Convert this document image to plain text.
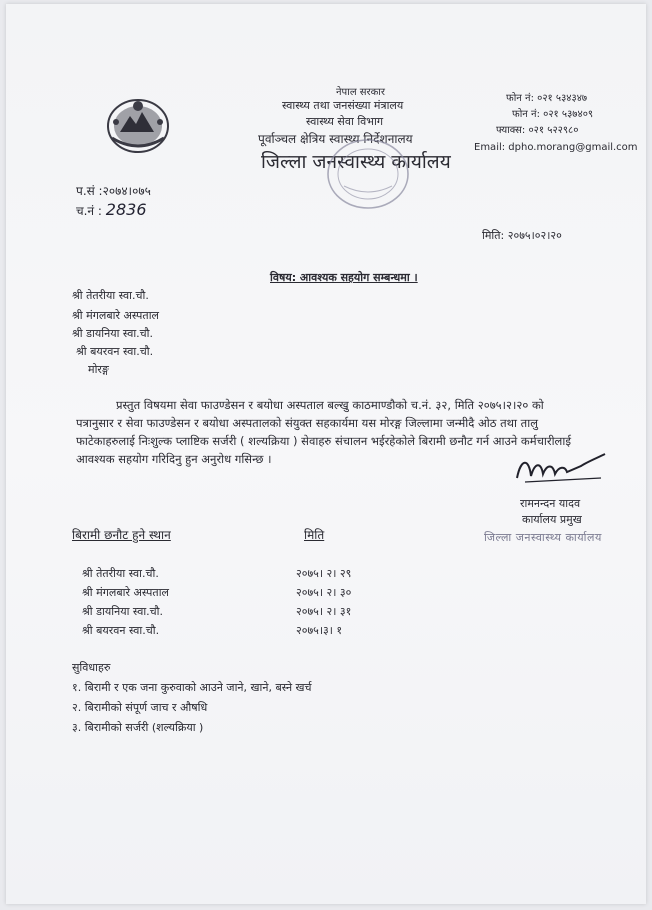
नेपाल सरकार
स्वास्थ्य तथा जनसंख्या मंत्रालय
स्वास्थ्य सेवा विभाग
पूर्वाञ्चल क्षेत्रिय स्वास्थ्य निर्देशनालय
जिल्ला जनस्वास्थ्य कार्यालय
फोन नं: ०२१ ५३४३४७
फोन नं: ०२१ ५३७४०९
फ्याक्स: ०२१ ५२२९८०
Email: dpho.morang@gmail.com
प.सं :२०७४।०७५
च.नं : 2836
मिति: २०७५।०२।२०
विषय: आवश्यक सहयोग सम्बन्धमा ।
श्री तेतरीया स्वा.चौ.
श्री मंगलबारे अस्पताल
श्री डायनिया स्वा.चौ.
श्री बयरवन स्वा.चौ.
मोरङ्ग
प्रस्तुत विषयमा सेवा फाउण्डेसन र बयोधा अस्पताल बल्खु काठमाण्डौको च.नं. ३२, मिति २०७५।२।२० को
पत्रानुसार र सेवा फाउण्डेसन र बयोधा अस्पतालको संयुक्त सहकार्यमा यस मोरङ्ग जिल्लामा जन्मीदै ओठ तथा तालु
फाटेकाहरुलाई निःशुल्क प्लाष्टिक सर्जरी ( शल्यक्रिया ) सेवाहरु संचालन भईरहेकोले बिरामी छनौट गर्न आउने कर्मचारीलाई
आवश्यक सहयोग गरिदिनु हुन अनुरोध गसिन्छ ।
रामनन्दन यादव
कार्यालय प्रमुख
जिल्ला जनस्वास्थ्य कार्यालय
बिरामी छनौट हुने स्थान	मिति
श्री तेतरीया स्वा.चौ.	२०७५। २। २९
श्री मंगलबारे अस्पताल	२०७५। २। ३०
श्री डायनिया स्वा.चौ.	२०७५। २। ३१
श्री बयरवन स्वा.चौ.	२०७५।३। १
सुविधाहरु
१. बिरामी र एक जना कुरुवाको आउने जाने, खाने, बस्ने खर्च
२. बिरामीको संपूर्ण जाच र औषधि
३. बिरामीको सर्जरी (शल्यक्रिया )
